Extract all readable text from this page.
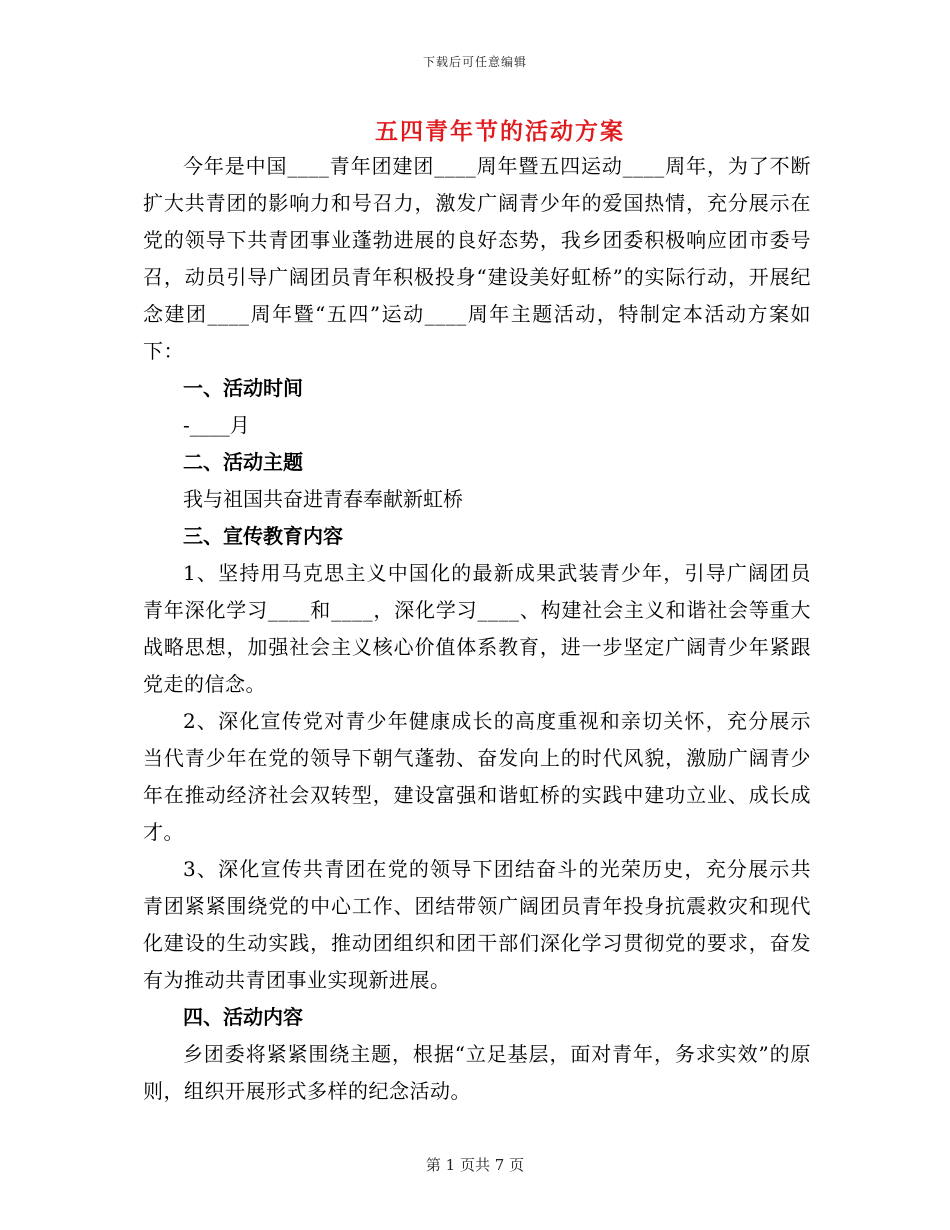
下载后可任意编辑
五四青年节的活动方案

今年是中国____青年团建团____周年暨五四运动____周年，为了不断扩大共青团的影响力和号召力，激发广阔青少年的爱国热情，充分展示在党的领导下共青团事业蓬勃进展的良好态势，我乡团委积极响应团市委号召，动员引导广阔团员青年积极投身“建设美好虹桥”的实际行动，开展纪念建团____周年暨“五四”运动____周年主题活动，特制定本活动方案如下：

一、活动时间

-____月

二、活动主题

我与祖国共奋进青春奉献新虹桥

三、宣传教育内容

1、坚持用马克思主义中国化的最新成果武装青少年，引导广阔团员青年深化学习____和____，深化学习____、构建社会主义和谐社会等重大战略思想，加强社会主义核心价值体系教育，进一步坚定广阔青少年紧跟党走的信念。

2、深化宣传党对青少年健康成长的高度重视和亲切关怀，充分展示当代青少年在党的领导下朝气蓬勃、奋发向上的时代风貌，激励广阔青少年在推动经济社会双转型，建设富强和谐虹桥的实践中建功立业、成长成才。

3、深化宣传共青团在党的领导下团结奋斗的光荣历史，充分展示共青团紧紧围绕党的中心工作、团结带领广阔团员青年投身抗震救灾和现代化建设的生动实践，推动团组织和团干部们深化学习贯彻党的要求，奋发有为推动共青团事业实现新进展。

四、活动内容

乡团委将紧紧围绕主题，根据“立足基层，面对青年，务求实效”的原则，组织开展形式多样的纪念活动。

第 1 页共 7 页
